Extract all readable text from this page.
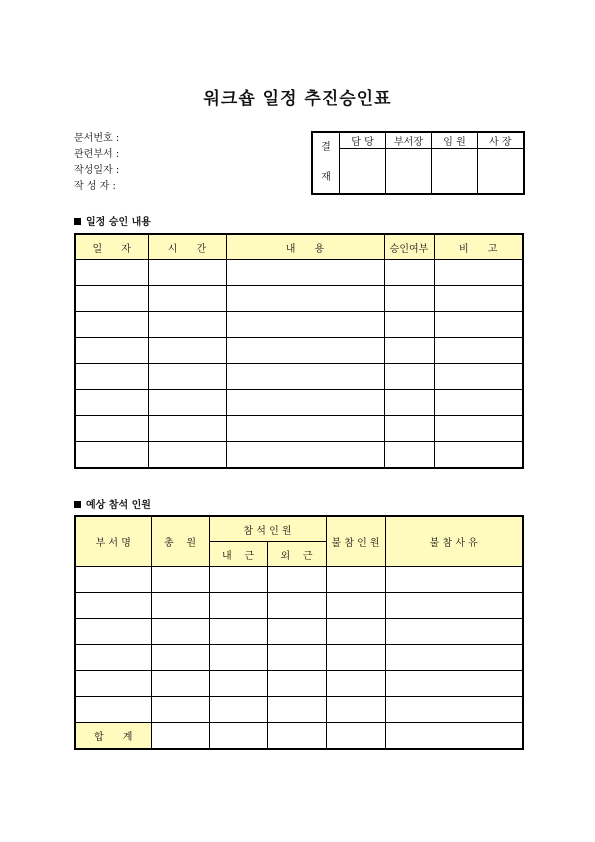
워크숍 일정 추진승인표
문서번호 :
관련부서 :
작성일자 :
작 성 자 :
결
재	담 당	부서장	임 원	사 장

일정 승인 내용
일      자	시      간	내      용	승인여부	비      고

예상 참석 인원
부 서 명	총    원	참 석 인 원		불 참 인 원	불 참 사 유
		내    근	외    근		

합      계					
